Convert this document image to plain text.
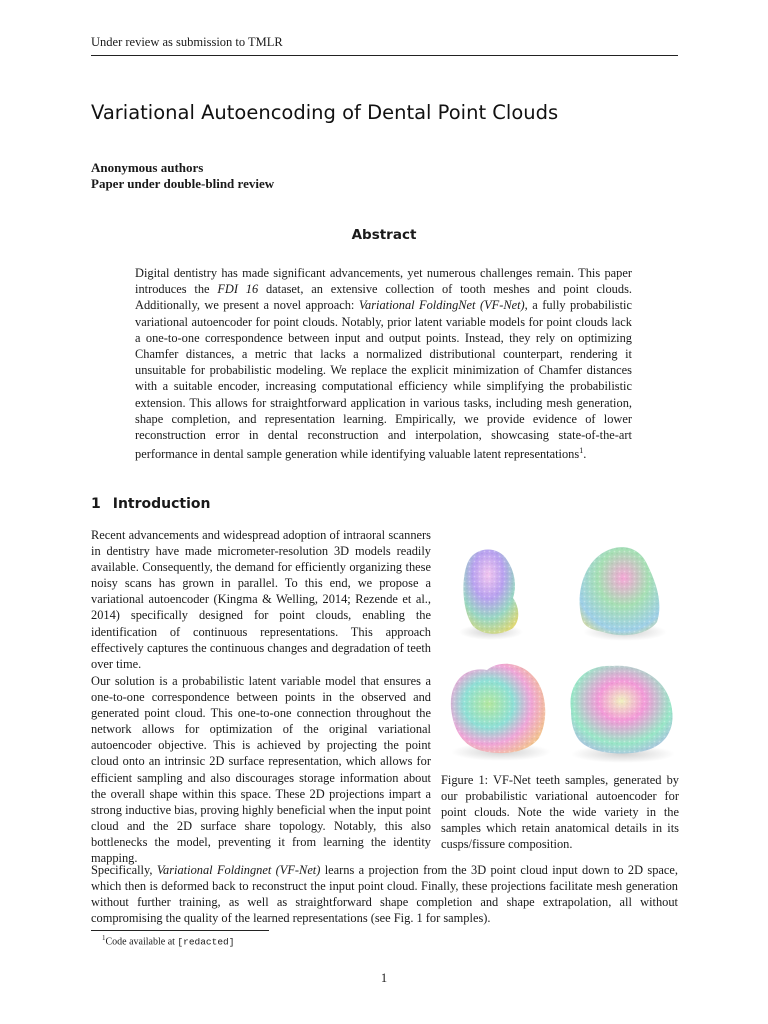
Under review as submission to TMLR
Variational Autoencoding of Dental Point Clouds
Anonymous authors
Paper under double-blind review
Abstract
Digital dentistry has made significant advancements, yet numerous challenges remain. This paper introduces the FDI 16 dataset, an extensive collection of tooth meshes and point clouds. Additionally, we present a novel approach: Variational FoldingNet (VF-Net), a fully probabilistic variational autoencoder for point clouds. Notably, prior latent variable models for point clouds lack a one-to-one correspondence between input and output points. Instead, they rely on optimizing Chamfer distances, a metric that lacks a normalized distributional counterpart, rendering it unsuitable for probabilistic modeling. We replace the explicit minimization of Chamfer distances with a suitable encoder, increasing computational efficiency while simplifying the probabilistic extension. This allows for straightforward application in various tasks, including mesh generation, shape completion, and representation learning. Empirically, we provide evidence of lower reconstruction error in dental reconstruction and interpolation, showcasing state-of-the-art performance in dental sample generation while identifying valuable latent representations$^1$.
1 Introduction
Recent advancements and widespread adoption of intraoral scanners in dentistry have made micrometer-resolution 3D models readily available. Consequently, the demand for efficiently organizing these noisy scans has grown in parallel. To this end, we propose a variational autoencoder (Kingma & Welling, 2014; Rezende et al., 2014) specifically designed for point clouds, enabling the identification of continuous representations. This approach effectively captures the continuous changes and degradation of teeth over time.
Our solution is a probabilistic latent variable model that ensures a one-to-one correspondence between points in the observed and generated point cloud. This one-to-one connection throughout the network allows for optimization of the original variational autoencoder objective. This is achieved by projecting the point cloud onto an intrinsic 2D surface representation, which allows for efficient sampling and also discourages storage information about the overall shape within this space. These 2D projections impart a strong inductive bias, proving highly beneficial when the input point cloud and the 2D surface share topology. Notably, this also bottlenecks the model, preventing it from learning the identity mapping.
Specifically, Variational Foldingnet (VF-Net) learns a projection from the 3D point cloud input down to 2D space, which then is deformed back to reconstruct the input point cloud. Finally, these projections facilitate mesh generation without further training, as well as straightforward shape completion and shape extrapolation, all without compromising the quality of the learned representations (see Fig. 1 for samples).
Figure 1: VF-Net teeth samples, generated by our probabilistic variational autoencoder for point clouds. Note the wide variety in the samples which retain anatomical details in its cusps/fissure composition.
$^1$Code available at [redacted]
1
